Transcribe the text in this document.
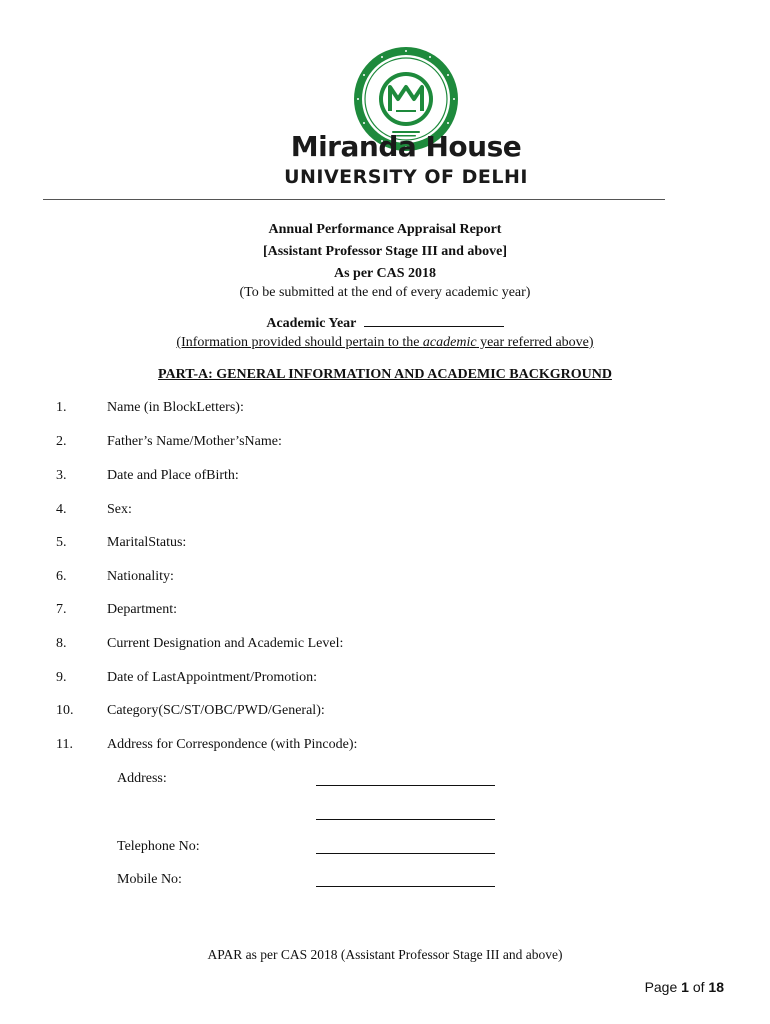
Miranda House
UNIVERSITY OF DELHI
Annual Performance Appraisal Report
[Assistant Professor Stage III and above]
As per CAS 2018
(To be submitted at the end of every academic year)
Academic Year
(Information provided should pertain to the academic year referred above)
PART-A: GENERAL INFORMATION AND ACADEMIC BACKGROUND
1.	Name (in BlockLetters):
2.	Father’s Name/Mother’sName:
3.	Date and Place ofBirth:
4.	Sex:
5.	MaritalStatus:
6.	Nationality:
7.	Department:
8.	Current Designation and Academic Level:
9.	Date of LastAppointment/Promotion:
10. Category(SC/ST/OBC/PWD/General):
11. Address for Correspondence (with Pincode):
Address:
Telephone No:
Mobile No:
APAR as per CAS 2018 (Assistant Professor Stage III and above)
Page 1 of 18
